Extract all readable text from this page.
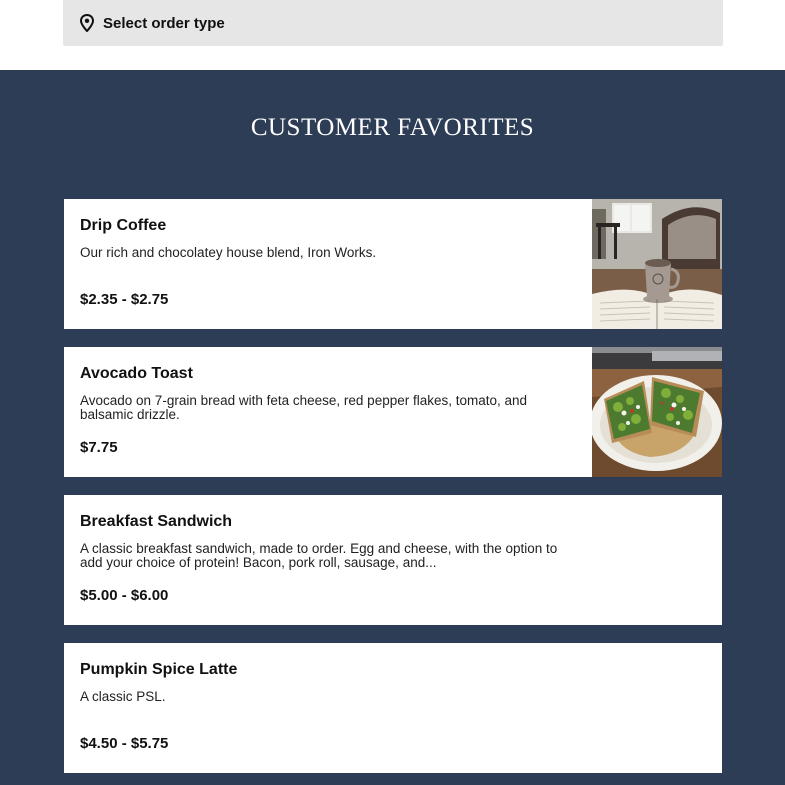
Select order type
CUSTOMER FAVORITES
Drip Coffee
Our rich and chocolatey house blend, Iron Works.
$2.35 - $2.75
Avocado Toast
Avocado on 7-grain bread with feta cheese, red pepper flakes, tomato, and balsamic drizzle.
$7.75
Breakfast Sandwich
A classic breakfast sandwich, made to order. Egg and cheese, with the option to add your choice of protein! Bacon, pork roll, sausage, and...
$5.00 - $6.00
Pumpkin Spice Latte
A classic PSL.
$4.50 - $5.75
